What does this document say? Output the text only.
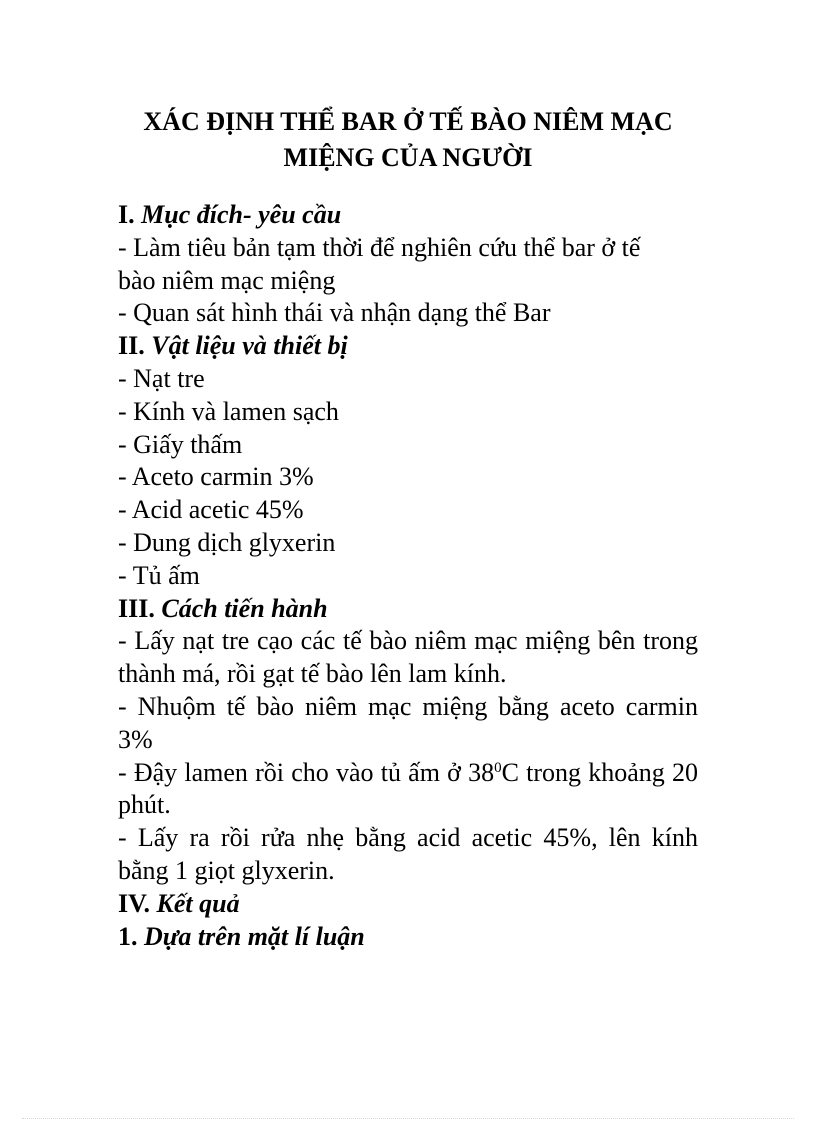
XÁC ĐỊNH THỂ BAR Ở TẾ BÀO NIÊM MẠC
MIỆNG CỦA NGƯỜI

I. Mục đích- yêu cầu

- Làm tiêu bản tạm thời để nghiên cứu thể bar ở tế

bào niêm mạc miệng

- Quan sát hình thái và nhận dạng thể Bar

II. Vật liệu và thiết bị

- Nạt tre

- Kính và lamen sạch

- Giấy thấm

- Aceto carmin 3%

- Acid acetic 45%

- Dung dịch glyxerin

- Tủ ấm

III. Cách tiến hành

- Lấy nạt tre cạo các tế bào niêm mạc miệng bên trong thành má, rồi gạt tế bào lên lam kính.

- Nhuộm tế bào niêm mạc miệng bằng aceto carmin 3%

- Đậy lamen rồi cho vào tủ ấm ở $38^0C$ trong khoảng 20 phút.

- Lấy ra rồi rửa nhẹ bằng acid acetic 45%, lên kính bằng 1 giọt glyxerin.

IV. Kết quả

1. Dựa trên mặt lí luận
